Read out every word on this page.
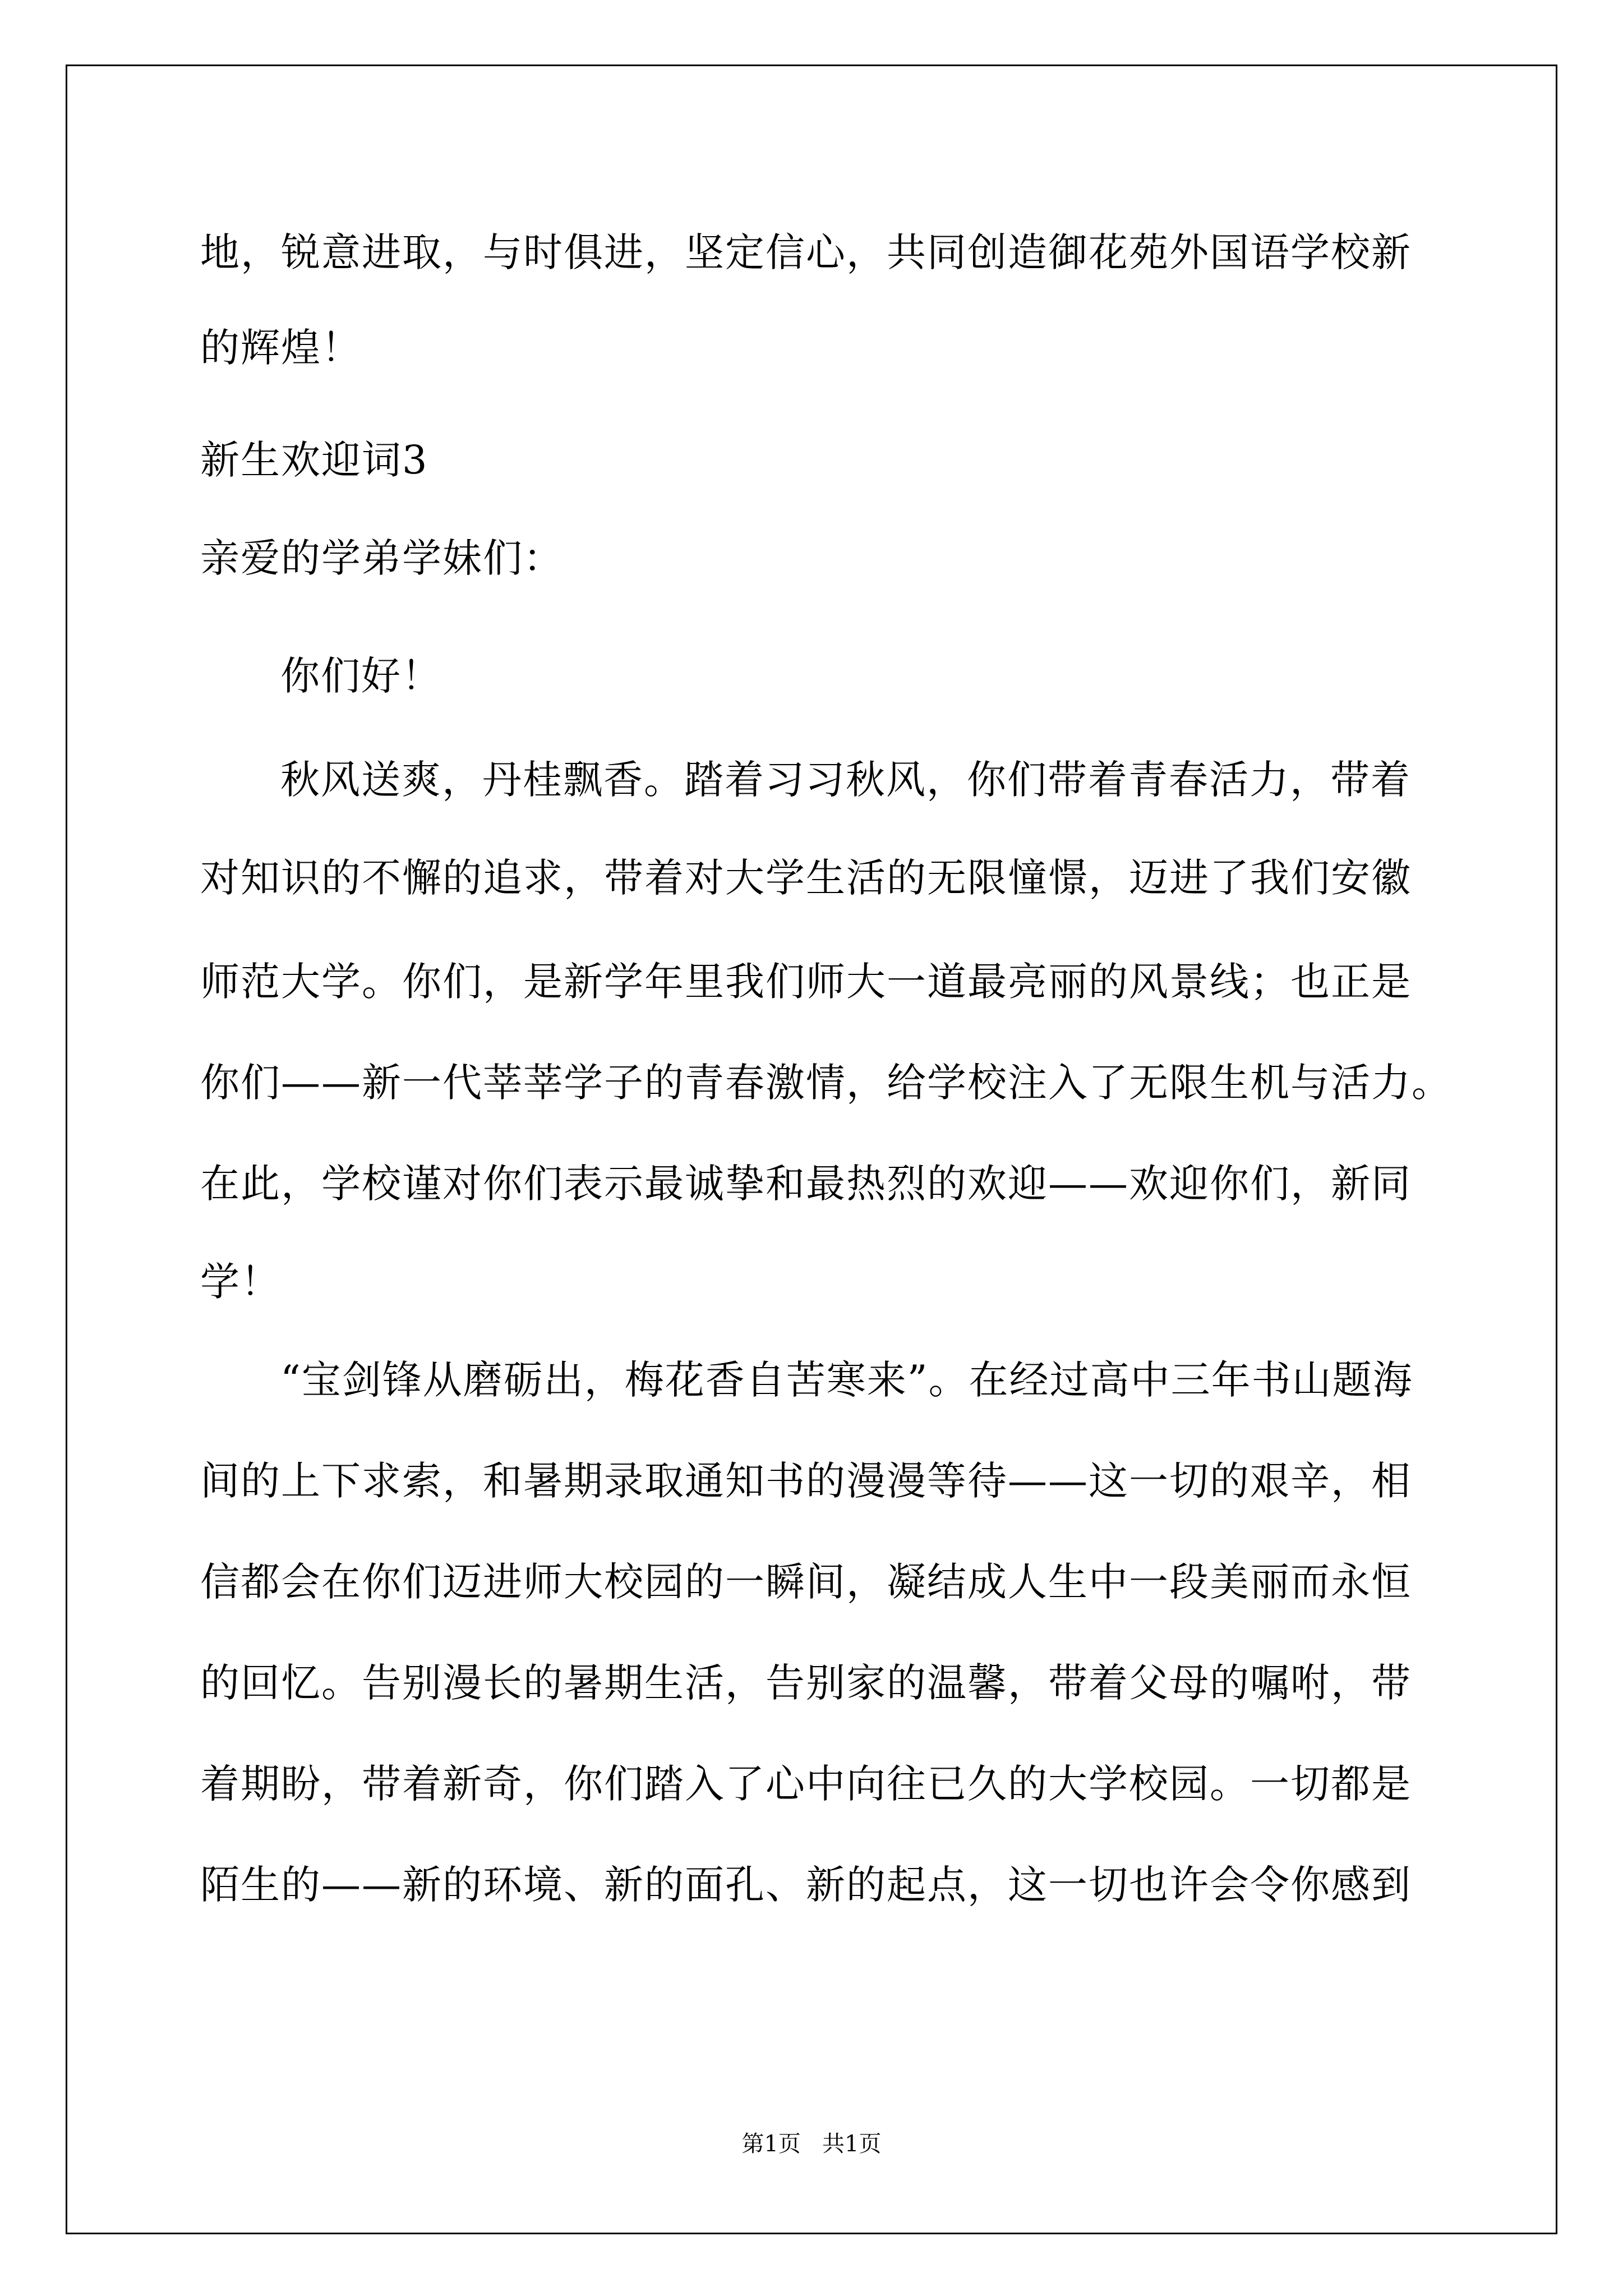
地，锐意进取，与时俱进，坚定信心，共同创造御花苑外国语学校新
的辉煌！
新生欢迎词3
亲爱的学弟学妹们：
你们好！
秋风送爽，丹桂飘香。踏着习习秋风，你们带着青春活力，带着
对知识的不懈的追求，带着对大学生活的无限憧憬，迈进了我们安徽
师范大学。你们，是新学年里我们师大一道最亮丽的风景线；也正是
你们——新一代莘莘学子的青春激情，给学校注入了无限生机与活力。
在此，学校谨对你们表示最诚挚和最热烈的欢迎——欢迎你们，新同
学！
“宝剑锋从磨砺出，梅花香自苦寒来”。在经过高中三年书山题海
间的上下求索，和暑期录取通知书的漫漫等待——这一切的艰辛，相
信都会在你们迈进师大校园的一瞬间，凝结成人生中一段美丽而永恒
的回忆。告别漫长的暑期生活，告别家的温馨，带着父母的嘱咐，带
着期盼，带着新奇，你们踏入了心中向往已久的大学校园。一切都是
陌生的——新的环境、新的面孔、新的起点，这一切也许会令你感到
第1页   共1页
